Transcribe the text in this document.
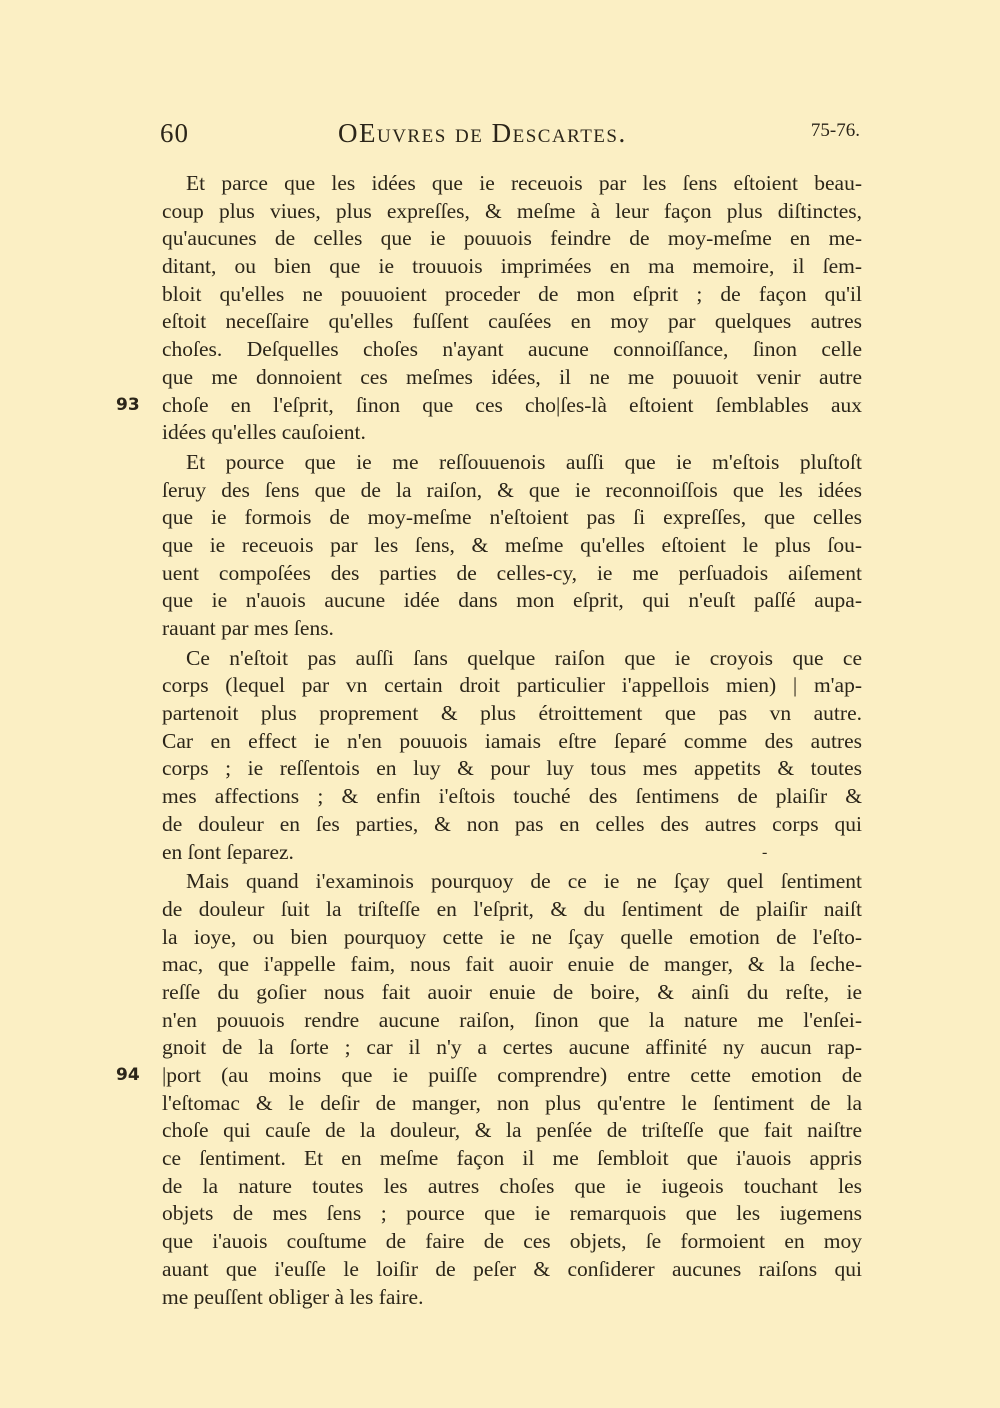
60	OEuvres de Descartes.	75-76.
Et parce que les idées que ie receuois par les ſens eſtoient beau-
coup plus viues, plus expreſſes, & meſme à leur façon plus diſtinctes,
qu'aucunes de celles que ie pouuois feindre de moy-meſme en me-
ditant, ou bien que ie trouuois imprimées en ma memoire, il ſem-
bloit qu'elles ne pouuoient proceder de mon eſprit ; de façon qu'il
eſtoit neceſſaire qu'elles fuſſent cauſées en moy par quelques autres
choſes. Deſquelles choſes n'ayant aucune connoiſſance, ſinon celle
que me donnoient ces meſmes idées, il ne me pouuoit venir autre
93 choſe en l'eſprit, ſinon que ces cho|ſes-là eſtoient ſemblables aux
idées qu'elles cauſoient.
Et pource que ie me reſſouuenois auſſi que ie m'eſtois pluſtoſt
ſeruy des ſens que de la raiſon, & que ie reconnoiſſois que les idées
que ie formois de moy-meſme n'eſtoient pas ſi expreſſes, que celles
que ie receuois par les ſens, & meſme qu'elles eſtoient le plus ſou-
uent compoſées des parties de celles-cy, ie me perſuadois aiſement
que ie n'auois aucune idée dans mon eſprit, qui n'euſt paſſé aupa-
rauant par mes ſens.
Ce n'eſtoit pas auſſi ſans quelque raiſon que ie croyois que ce
corps (lequel par vn certain droit particulier i'appellois mien) | m'ap-
partenoit plus proprement & plus étroittement que pas vn autre.
Car en effect ie n'en pouuois iamais eſtre ſeparé comme des autres
corps ; ie reſſentois en luy & pour luy tous mes appetits & toutes
mes affections ; & enfin i'eſtois touché des ſentimens de plaiſir &
de douleur en ſes parties, & non pas en celles des autres corps qui
en ſont ſeparez.	-
Mais quand i'examinois pourquoy de ce ie ne ſçay quel ſentiment
de douleur ſuit la triſteſſe en l'eſprit, & du ſentiment de plaiſir naiſt
la ioye, ou bien pourquoy cette ie ne ſçay quelle emotion de l'eſto-
mac, que i'appelle faim, nous fait auoir enuie de manger, & la ſeche-
reſſe du goſier nous fait auoir enuie de boire, & ainſi du reſte, ie
n'en pouuois rendre aucune raiſon, ſinon que la nature me l'enſei-
gnoit de la ſorte ; car il n'y a certes aucune affinité ny aucun rap-
94 |port (au moins que ie puiſſe comprendre) entre cette emotion de
l'eſtomac & le deſir de manger, non plus qu'entre le ſentiment de la
choſe qui cauſe de la douleur, & la penſée de triſteſſe que fait naiſtre
ce ſentiment. Et en meſme façon il me ſembloit que i'auois appris
de la nature toutes les autres choſes que ie iugeois touchant les
objets de mes ſens ; pource que ie remarquois que les iugemens
que i'auois couſtume de faire de ces objets, ſe formoient en moy
auant que i'euſſe le loiſir de peſer & conſiderer aucunes raiſons qui
me peuſſent obliger à les faire.
